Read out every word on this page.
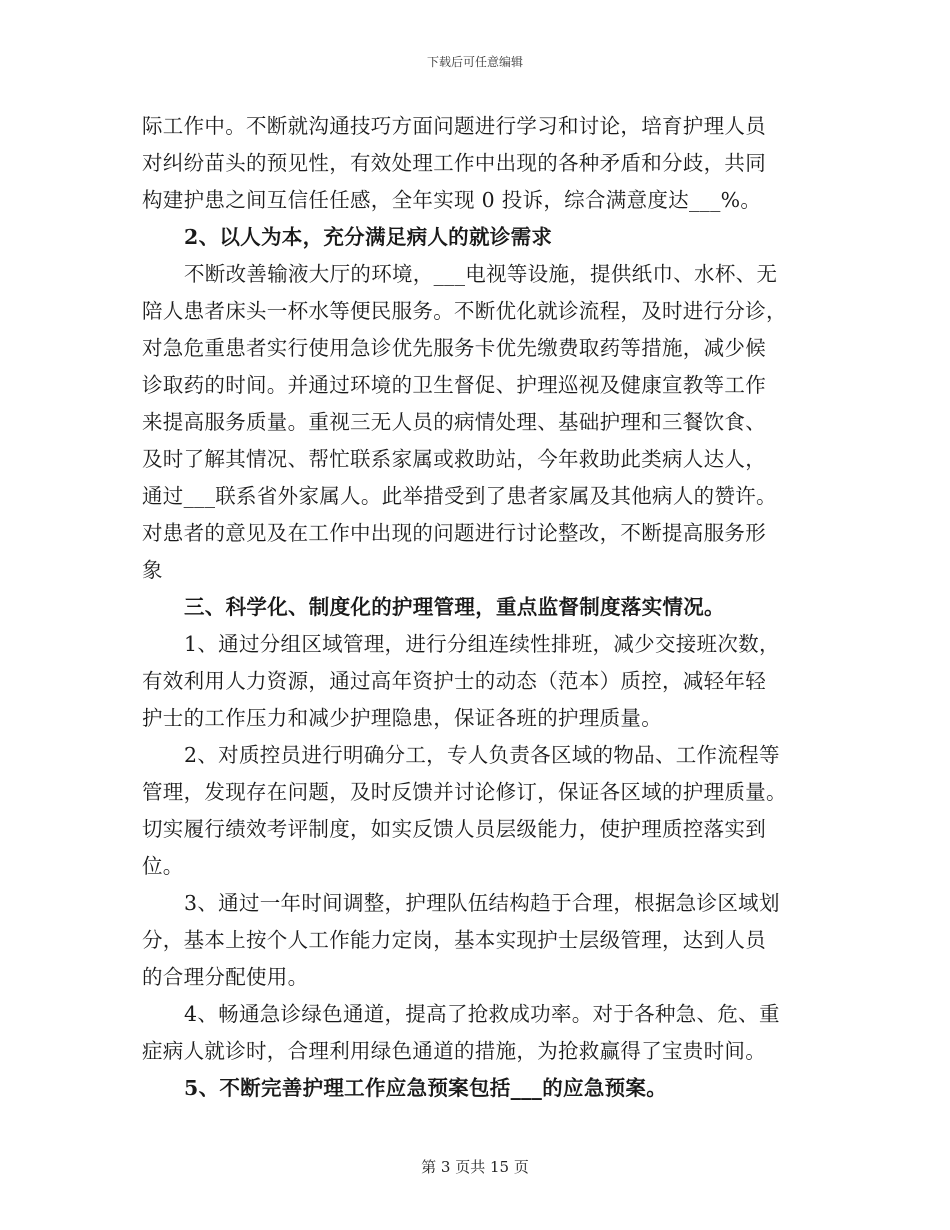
下载后可任意编辑
际工作中。不断就沟通技巧方面问题进行学习和讨论，培育护理人员
对纠纷苗头的预见性，有效处理工作中出现的各种矛盾和分歧，共同
构建护患之间互信任任感，全年实现 0 投诉，综合满意度达___%。
2、以人为本，充分满足病人的就诊需求
不断改善输液大厅的环境，___电视等设施，提供纸巾、水杯、无
陪人患者床头一杯水等便民服务。不断优化就诊流程，及时进行分诊，
对急危重患者实行使用急诊优先服务卡优先缴费取药等措施，减少候
诊取药的时间。并通过环境的卫生督促、护理巡视及健康宣教等工作
来提高服务质量。重视三无人员的病情处理、基础护理和三餐饮食、
及时了解其情况、帮忙联系家属或救助站，今年救助此类病人达人，
通过___联系省外家属人。此举措受到了患者家属及其他病人的赞许。
对患者的意见及在工作中出现的问题进行讨论整改，不断提高服务形
象
三、科学化、制度化的护理管理，重点监督制度落实情况。
1、通过分组区域管理，进行分组连续性排班，减少交接班次数，
有效利用人力资源，通过高年资护士的动态（范本）质控，减轻年轻
护士的工作压力和减少护理隐患，保证各班的护理质量。
2、对质控员进行明确分工，专人负责各区域的物品、工作流程等
管理，发现存在问题，及时反馈并讨论修订，保证各区域的护理质量。
切实履行绩效考评制度，如实反馈人员层级能力，使护理质控落实到
位。
3、通过一年时间调整，护理队伍结构趋于合理，根据急诊区域划
分，基本上按个人工作能力定岗，基本实现护士层级管理，达到人员
的合理分配使用。
4、畅通急诊绿色通道，提高了抢救成功率。对于各种急、危、重
症病人就诊时，合理利用绿色通道的措施，为抢救赢得了宝贵时间。
5、不断完善护理工作应急预案包括___的应急预案。
第 3 页共 15 页
